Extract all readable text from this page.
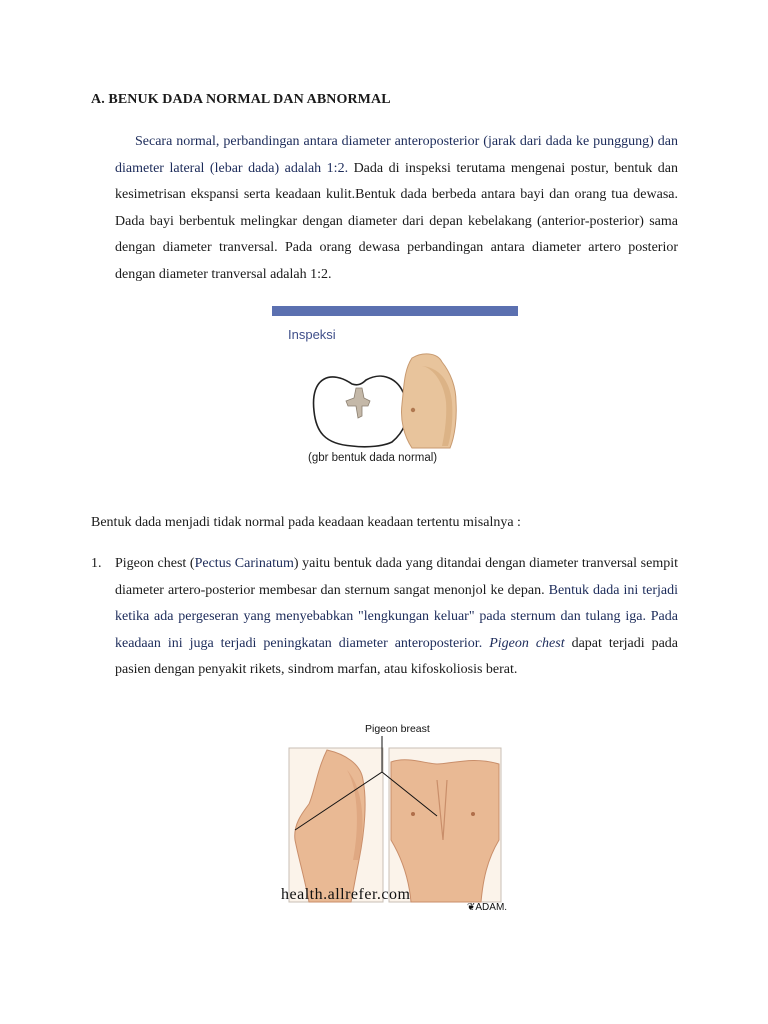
A. BENUK DADA NORMAL DAN ABNORMAL

Secara normal, perbandingan antara diameter anteroposterior (jarak dari dada ke punggung) dan diameter lateral (lebar dada) adalah 1:2. Dada di inspeksi terutama mengenai postur, bentuk dan kesimetrisan ekspansi serta keadaan kulit.Bentuk dada berbeda antara bayi dan orang tua dewasa. Dada bayi berbentuk melingkar dengan diameter dari depan kebelakang (anterior-posterior) sama dengan diameter tranversal. Pada orang dewasa perbandingan antara diameter artero posterior dengan diameter tranversal adalah 1:2.

Inspeksi
(gbr bentuk dada normal)
Bentuk dada menjadi tidak normal pada keadaan keadaan tertentu misalnya :
1. Pigeon chest (Pectus Carinatum) yaitu bentuk dada yang ditandai dengan diameter tranversal sempit diameter artero-posterior membesar dan sternum sangat menonjol ke depan. Bentuk dada ini terjadi ketika ada pergeseran yang menyebabkan "lengkungan keluar" pada sternum dan tulang iga. Pada keadaan ini juga terjadi peningkatan diameter anteroposterior. Pigeon chest dapat terjadi pada pasien dengan penyakit rikets, sindrom marfan, atau kifoskoliosis berat.

Pigeon breast
health.allrefer.com
❦ADAM.
